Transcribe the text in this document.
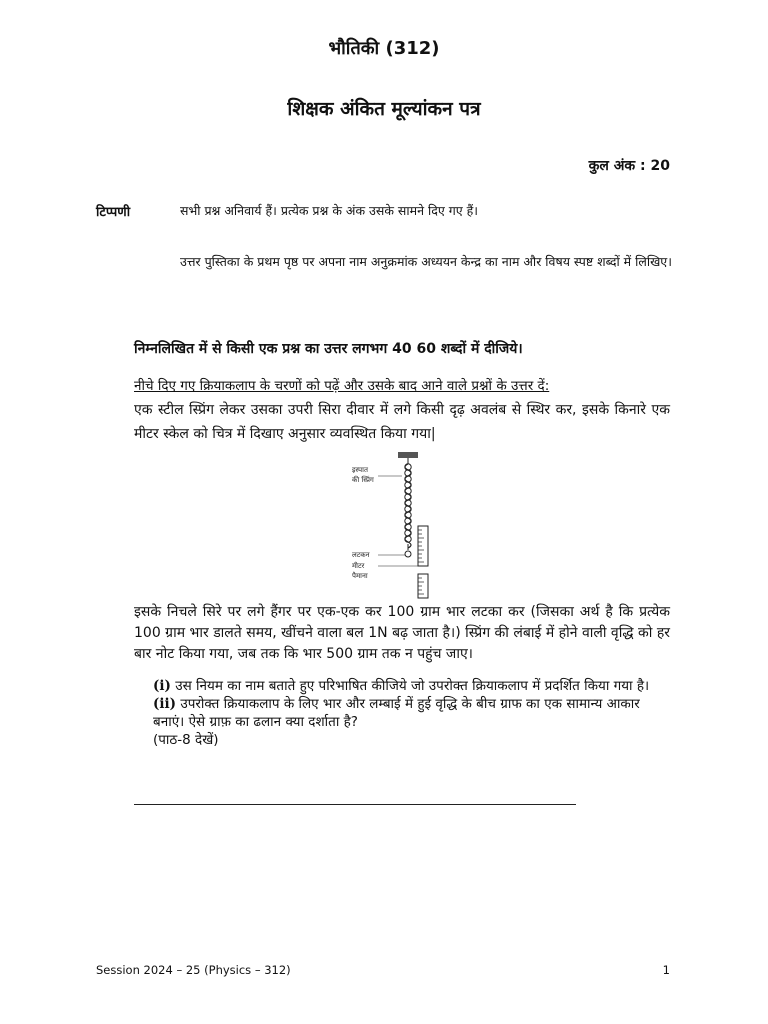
भौतिकी (312)
शिक्षक अंकित मूल्यांकन पत्र
कुल अंक : 20
टिप्पणी	सभी प्रश्न अनिवार्य हैं। प्रत्येक प्रश्न के अंक उसके सामने दिए गए हैं।
उत्तर पुस्तिका के प्रथम पृष्ठ पर अपना नाम अनुक्रमांक अध्ययन केन्द्र का नाम और विषय स्पष्ट शब्दों में लिखिए।
निम्नलिखित में से किसी एक प्रश्न का उत्तर लगभग 40 60 शब्दों में दीजिये।
नीचे दिए गए क्रियाकलाप के चरणों को पढ़ें और उसके बाद आने वाले प्रश्नों के उत्तर दें:
एक स्टील स्प्रिंग लेकर उसका उपरी सिरा दीवार में लगे किसी दृढ़ अवलंब से स्थिर कर, इसके किनारे एक मीटर स्केल को चित्र में दिखाए अनुसार व्यवस्थित किया गया|
इस्पात
की स्प्रिंग
लटकन
मीटर
पैमाना
इसके निचले सिरे पर लगे हैंगर पर एक-एक कर 100 ग्राम भार लटका कर (जिसका अर्थ है कि प्रत्येक 100 ग्राम भार डालते समय, खींचने वाला बल 1N बढ़ जाता है।) स्प्रिंग की लंबाई में होने वाली वृद्धि को हर बार नोट किया गया, जब तक कि भार 500 ग्राम तक न पहुंच जाए।

(i) उस नियम का नाम बताते हुए परिभाषित कीजिये जो उपरोक्त क्रियाकलाप में प्रदर्शित किया गया है।

(ii) उपरोक्त क्रियाकलाप के लिए भार और लम्बाई में हुई वृद्धि के बीच ग्राफ का एक सामान्य आकार बनाएं। ऐसे ग्राफ़ का ढलान क्या दर्शाता है?

(पाठ-8 देखें)

Session 2024 – 25 (Physics – 312)	1
